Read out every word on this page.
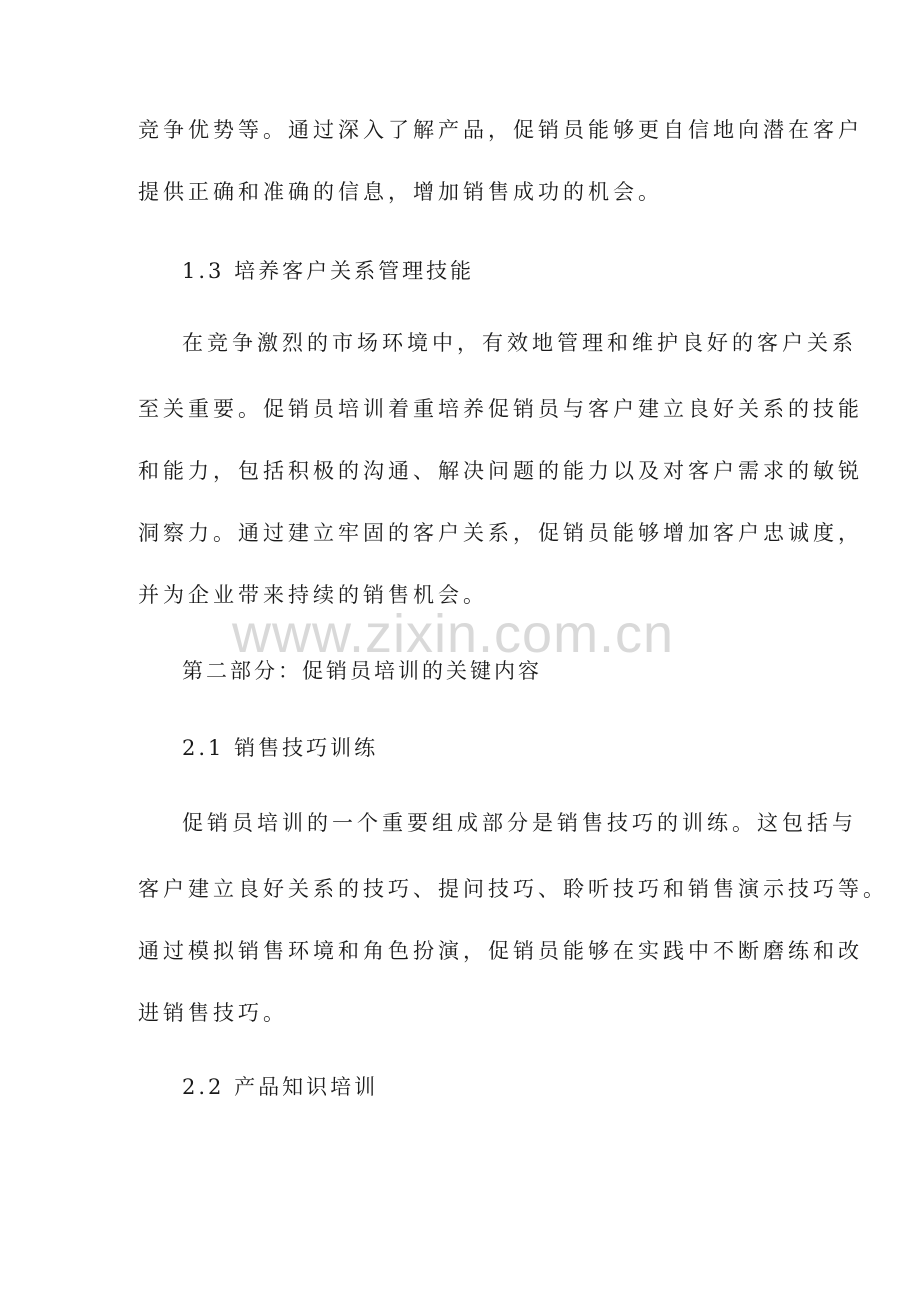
竞争优势等。通过深入了解产品，促销员能够更自信地向潜在客户

提供正确和准确的信息，增加销售成功的机会。

1.3 培养客户关系管理技能

在竞争激烈的市场环境中，有效地管理和维护良好的客户关系

至关重要。促销员培训着重培养促销员与客户建立良好关系的技能

和能力，包括积极的沟通、解决问题的能力以及对客户需求的敏锐

洞察力。通过建立牢固的客户关系，促销员能够增加客户忠诚度，

并为企业带来持续的销售机会。

www.zixin.com.cn

第二部分：促销员培训的关键内容

2.1 销售技巧训练

促销员培训的一个重要组成部分是销售技巧的训练。这包括与

客户建立良好关系的技巧、提问技巧、聆听技巧和销售演示技巧等。

通过模拟销售环境和角色扮演，促销员能够在实践中不断磨练和改

进销售技巧。

2.2 产品知识培训
